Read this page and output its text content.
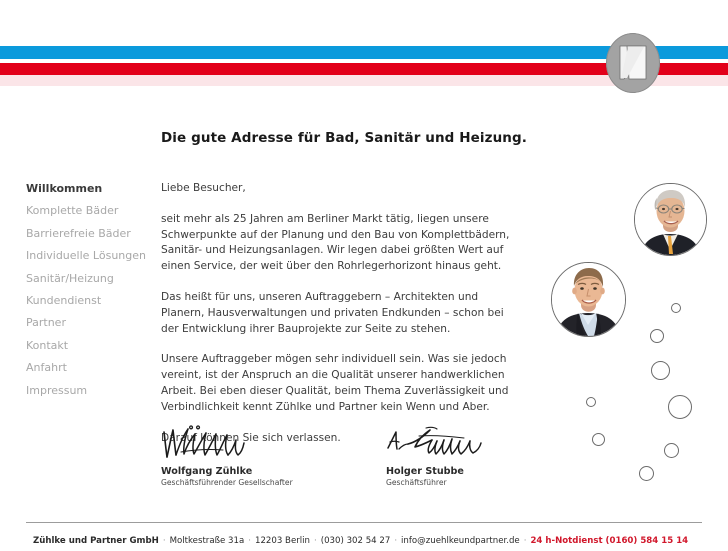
Die gute Adresse für Bad, Sanitär und Heizung.
Willkommen
Komplette Bäder
Barrierefreie Bäder
Individuelle Lösungen
Sanitär/Heizung
Kundendienst
Partner
Kontakt
Anfahrt
Impressum

Liebe Besucher,

seit mehr als 25 Jahren am Berliner Markt tätig, liegen unsere Schwerpunkte auf der Planung und den Bau von Komplettbädern, Sanitär- und Heizungsanlagen. Wir legen dabei größten Wert auf einen Service, der weit über den Rohrlegerhorizont hinaus geht.

Das heißt für uns, unseren Auftraggebern – Architekten und Planern, Hausverwaltungen und privaten Endkunden – schon bei der Entwicklung ihrer Bauprojekte zur Seite zu stehen.

Unsere Auftraggeber mögen sehr individuell sein. Was sie jedoch vereint, ist der Anspruch an die Qualität unserer handwerklichen Arbeit. Bei eben dieser Qualität, beim Thema Zuverlässigkeit und Verbindlichkeit kennt Zühlke und Partner kein Wenn und Aber.

Darauf können Sie sich verlassen.

Wolfgang Zühlke
Geschäftsführender Gesellschafter
Holger Stubbe
Geschäftsführer
Zühlke und Partner GmbH · Moltkestraße 31a · 12203 Berlin · (030) 302 54 27 · info@zuehlkeundpartner.de · 24 h-Notdienst (0160) 584 15 14
